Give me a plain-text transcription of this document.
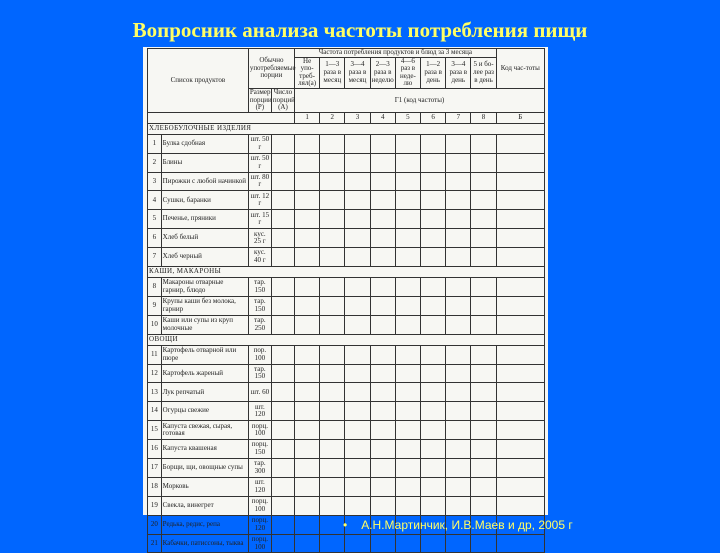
Вопросник анализа частоты потребления пищи
Список продуктов		Обычно употребляемые порции		Частота потребления продуктов и блюд за 3 месяца								Код час-тоты
				Не упо-треб-лял(а)	1—3 раза в месяц	3—4 раза в месяц	2—3 раза в неделю	4—6 раз в неде-лю	1—2 раза в день	3—4 раза в день	5 и бо-лее раз в день	
		Размер порции (Р)	Число порций (А)	Г1 (код частоты)								
				1	2	3	4	5	6	7	8	Б
ХЛЕБОБУЛОЧНЫЕ ИЗДЕЛИЯ												
1	Булка сдобная	шт. 50 г										
2	Блины	шт. 50 г										
3	Пирожки с любой начинкой	шт. 80 г										
4	Сушки, баранки	шт. 12 г										
5	Печенье, пряники	шт. 15 г										
6	Хлеб белый	кус. 25 г										
7	Хлеб черный	кус. 40 г										
КАШИ, МАКАРОНЫ												
8	Макароны отварные гарнир, блюдо	тар. 150										
9	Крупы каши без молока, гарнир	тар. 150										
10	Каши или супы из круп молочные	тар. 250										
ОВОЩИ												
11	Картофель отварной или пюре	пор. 100										
12	Картофель жареный	тар. 150										
13	Лук репчатый	шт. 60										
14	Огурцы свежие	шт. 120										
15	Капуста свежая, сырая, готовая	порц. 100										
16	Капуста квашеная	порц. 150										
17	Борщи, щи, овощные супы	тар. 300										
18	Морковь	шт. 120										
19	Свекла, винегрет	порц. 100										
20	Редька, редис, репа	порц. 120										
21	Кабачки, патиссоны, тыква	порц. 100										
• А.Н.Мартинчик, И.В.Маев и др, 2005 г
